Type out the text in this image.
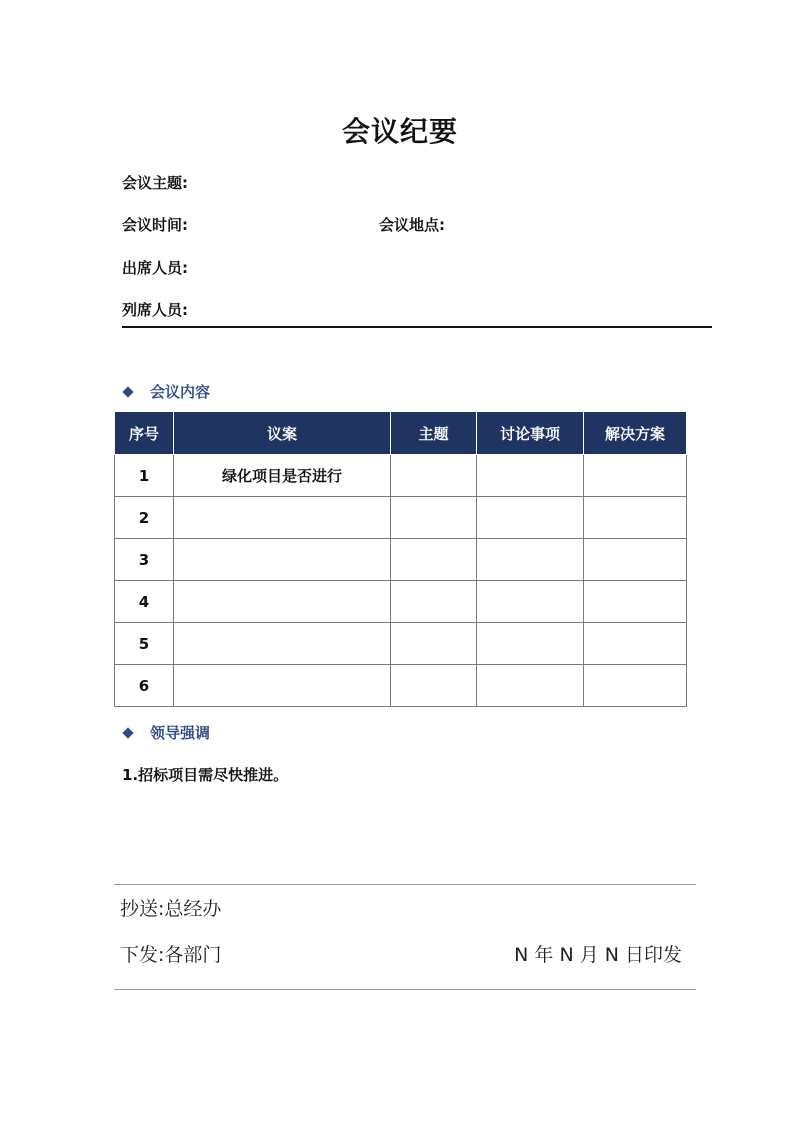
会议纪要
会议主题:
会议时间:	会议地点:
出席人员:
列席人员:
会议内容
序号	议案	主题	讨论事项	解决方案
1	绿化项目是否进行			
2				
3				
4				
5				
6				
领导强调
1.招标项目需尽快推进。
抄送:总经办
下发:各部门	N 年 N 月 N 日印发
